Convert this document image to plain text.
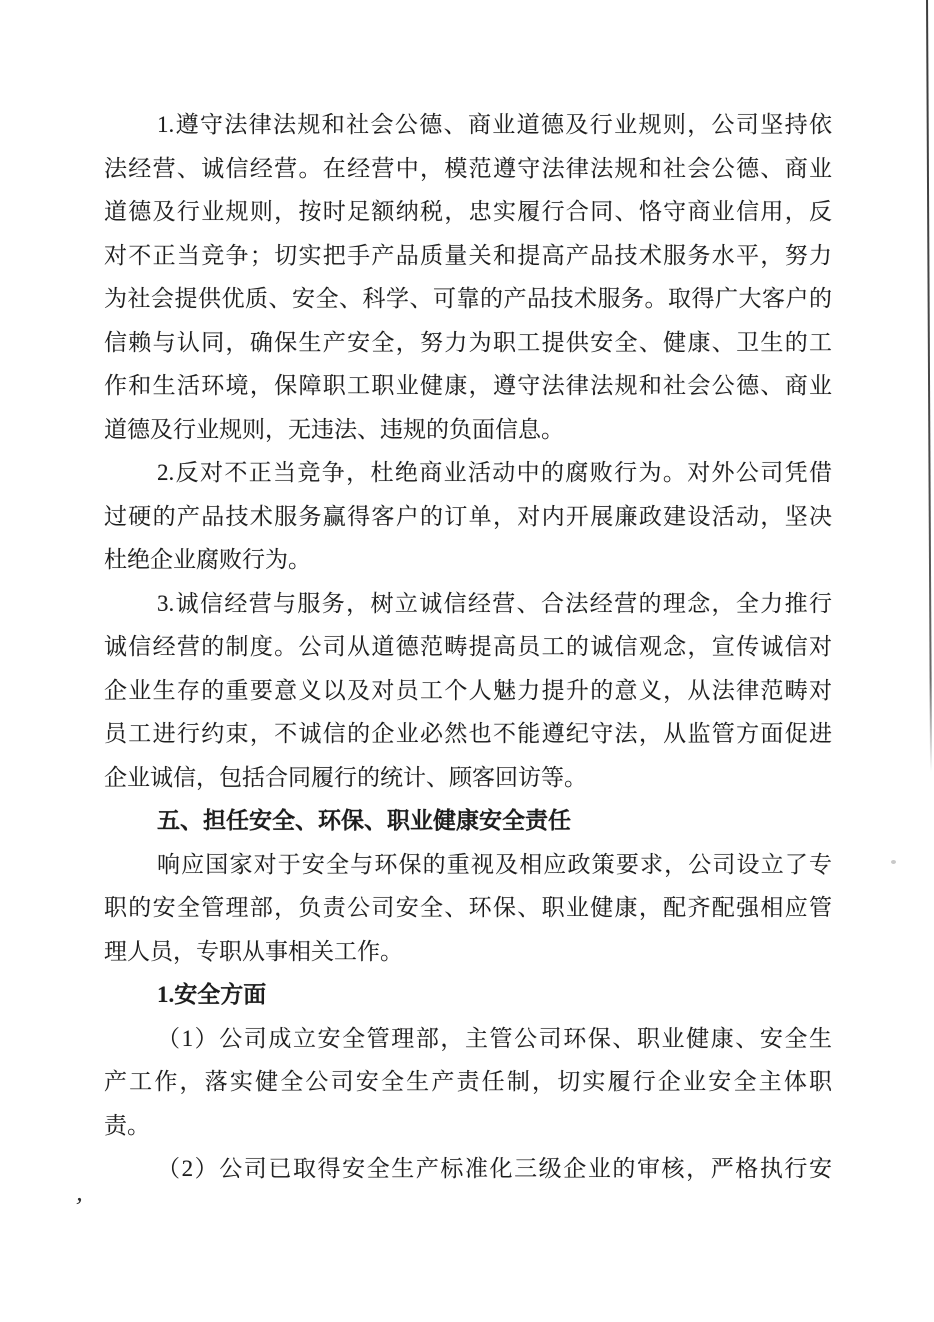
1.遵守法律法规和社会公德、商业道德及行业规则，公司坚持依
法经营、诚信经营。在经营中，模范遵守法律法规和社会公德、商业
道德及行业规则，按时足额纳税，忠实履行合同、恪守商业信用，反
对不正当竞争；切实把手产品质量关和提高产品技术服务水平，努力
为社会提供优质、安全、科学、可靠的产品技术服务。取得广大客户的
信赖与认同，确保生产安全，努力为职工提供安全、健康、卫生的工
作和生活环境，保障职工职业健康，遵守法律法规和社会公德、商业
道德及行业规则，无违法、违规的负面信息。
2.反对不正当竞争，杜绝商业活动中的腐败行为。对外公司凭借
过硬的产品技术服务赢得客户的订单，对内开展廉政建设活动，坚决
杜绝企业腐败行为。
3.诚信经营与服务，树立诚信经营、合法经营的理念，全力推行
诚信经营的制度。公司从道德范畴提高员工的诚信观念，宣传诚信对
企业生存的重要意义以及对员工个人魅力提升的意义，从法律范畴对
员工进行约束，不诚信的企业必然也不能遵纪守法，从监管方面促进
企业诚信，包括合同履行的统计、顾客回访等。
五、担任安全、环保、职业健康安全责任
响应国家对于安全与环保的重视及相应政策要求，公司设立了专
职的安全管理部，负责公司安全、环保、职业健康，配齐配强相应管
理人员，专职从事相关工作。
1.安全方面
（1）公司成立安全管理部，主管公司环保、职业健康、安全生
产工作，落实健全公司安全生产责任制，切实履行企业安全主体职
责。
（2）公司已取得安全生产标准化三级企业的审核，严格执行安
’
